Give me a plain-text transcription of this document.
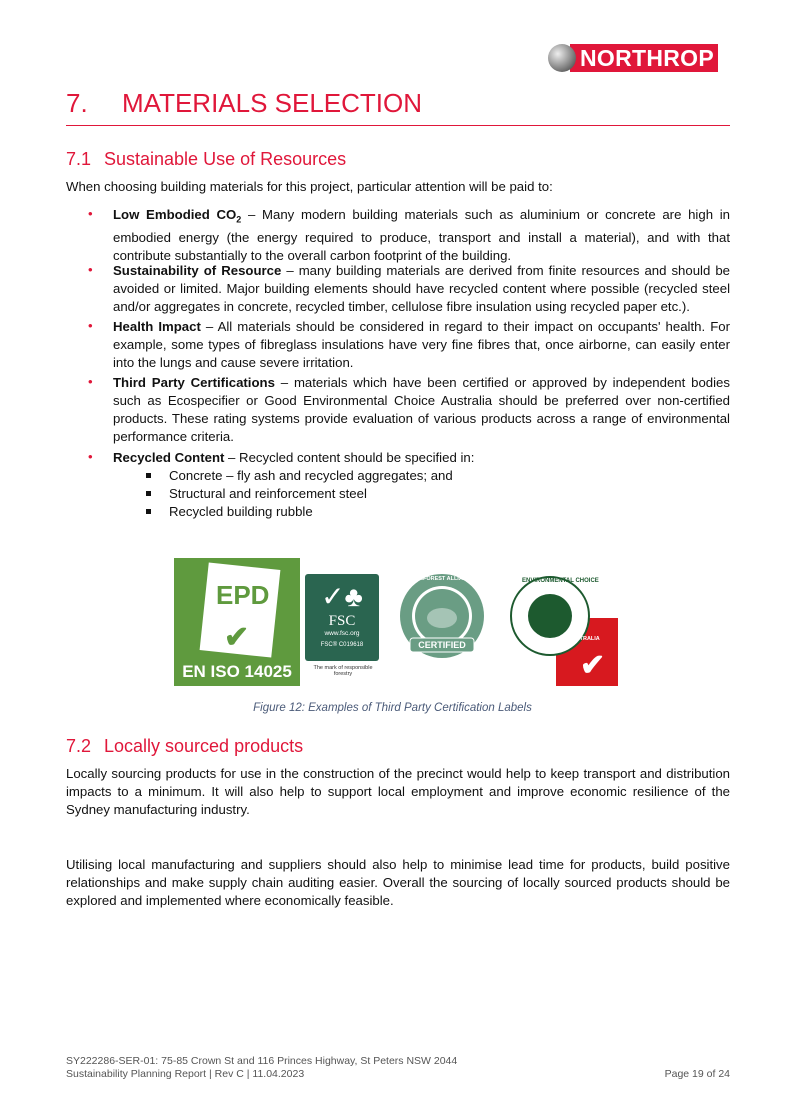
NORTHROP
7. MATERIALS SELECTION
7.1 Sustainable Use of Resources

When choosing building materials for this project, particular attention will be paid to:

• Low Embodied $CO_2$ – Many modern building materials such as aluminium or concrete are high in embodied energy (the energy required to produce, transport and install a material), and with that contribute substantially to the overall carbon footprint of the building.

• Sustainability of Resource – many building materials are derived from finite resources and should be avoided or limited. Major building elements should have recycled content where possible (recycled steel and/or aggregates in concrete, recycled timber, cellulose fibre insulation using recycled paper etc.).

• Health Impact – All materials should be considered in regard to their impact on occupants' health. For example, some types of fibreglass insulations have very fine fibres that, once airborne, can easily enter into the lungs and cause severe irritation.

• Third Party Certifications – materials which have been certified or approved by independent bodies such as Ecospecifier or Good Environmental Choice Australia should be preferred over non-certified products. These rating systems provide evaluation of various products across a range of environmental performance criteria.

• Recycled Content – Recycled content should be specified in:

Concrete – fly ash and recycled aggregates; and
Structural and reinforcement steel
Recycled building rubble
EPD
✔
EN ISO 14025
✓♣
FSC
www.fsc.org
FSC® C019618
The mark of responsible forestry
RAINFOREST ALLIANCE
CERTIFIED
ENVIRONMENTAL CHOICE
✔
AUSTRALIA
Figure 12: Examples of Third Party Certification Labels
7.2 Locally sourced products

Locally sourcing products for use in the construction of the precinct would help to keep transport and distribution impacts to a minimum. It will also help to support local employment and improve economic resilience of the Sydney manufacturing industry.

Utilising local manufacturing and suppliers should also help to minimise lead time for products, build positive relationships and make supply chain auditing easier. Overall the sourcing of locally sourced products should be explored and implemented where economically feasible.

SY222286-SER-01: 75-85 Crown St and 116 Princes Highway, St Peters NSW 2044
Sustainability Planning Report | Rev C | 11.04.2023	Page 19 of 24
